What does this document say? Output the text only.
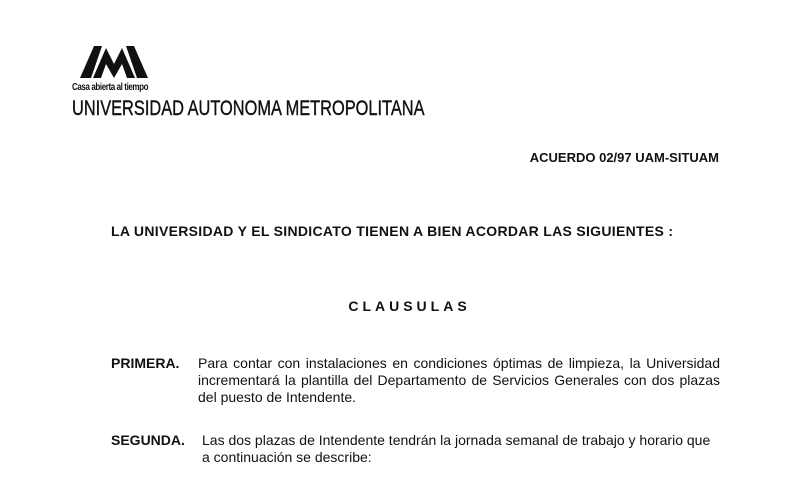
Casa abierta al tiempo
UNIVERSIDAD AUTONOMA METROPOLITANA
ACUERDO 02/97 UAM-SITUAM
LA UNIVERSIDAD Y EL SINDICATO TIENEN A BIEN ACORDAR LAS SIGUIENTES :
CLAUSULAS
PRIMERA. Para contar con instalaciones en condiciones óptimas de limpieza, la Universidad incrementará la plantilla del Departamento de Servicios Generales con dos plazas del puesto de Intendente.
SEGUNDA. Las dos plazas de Intendente tendrán la jornada semanal de trabajo y horario que a continuación se describe:
